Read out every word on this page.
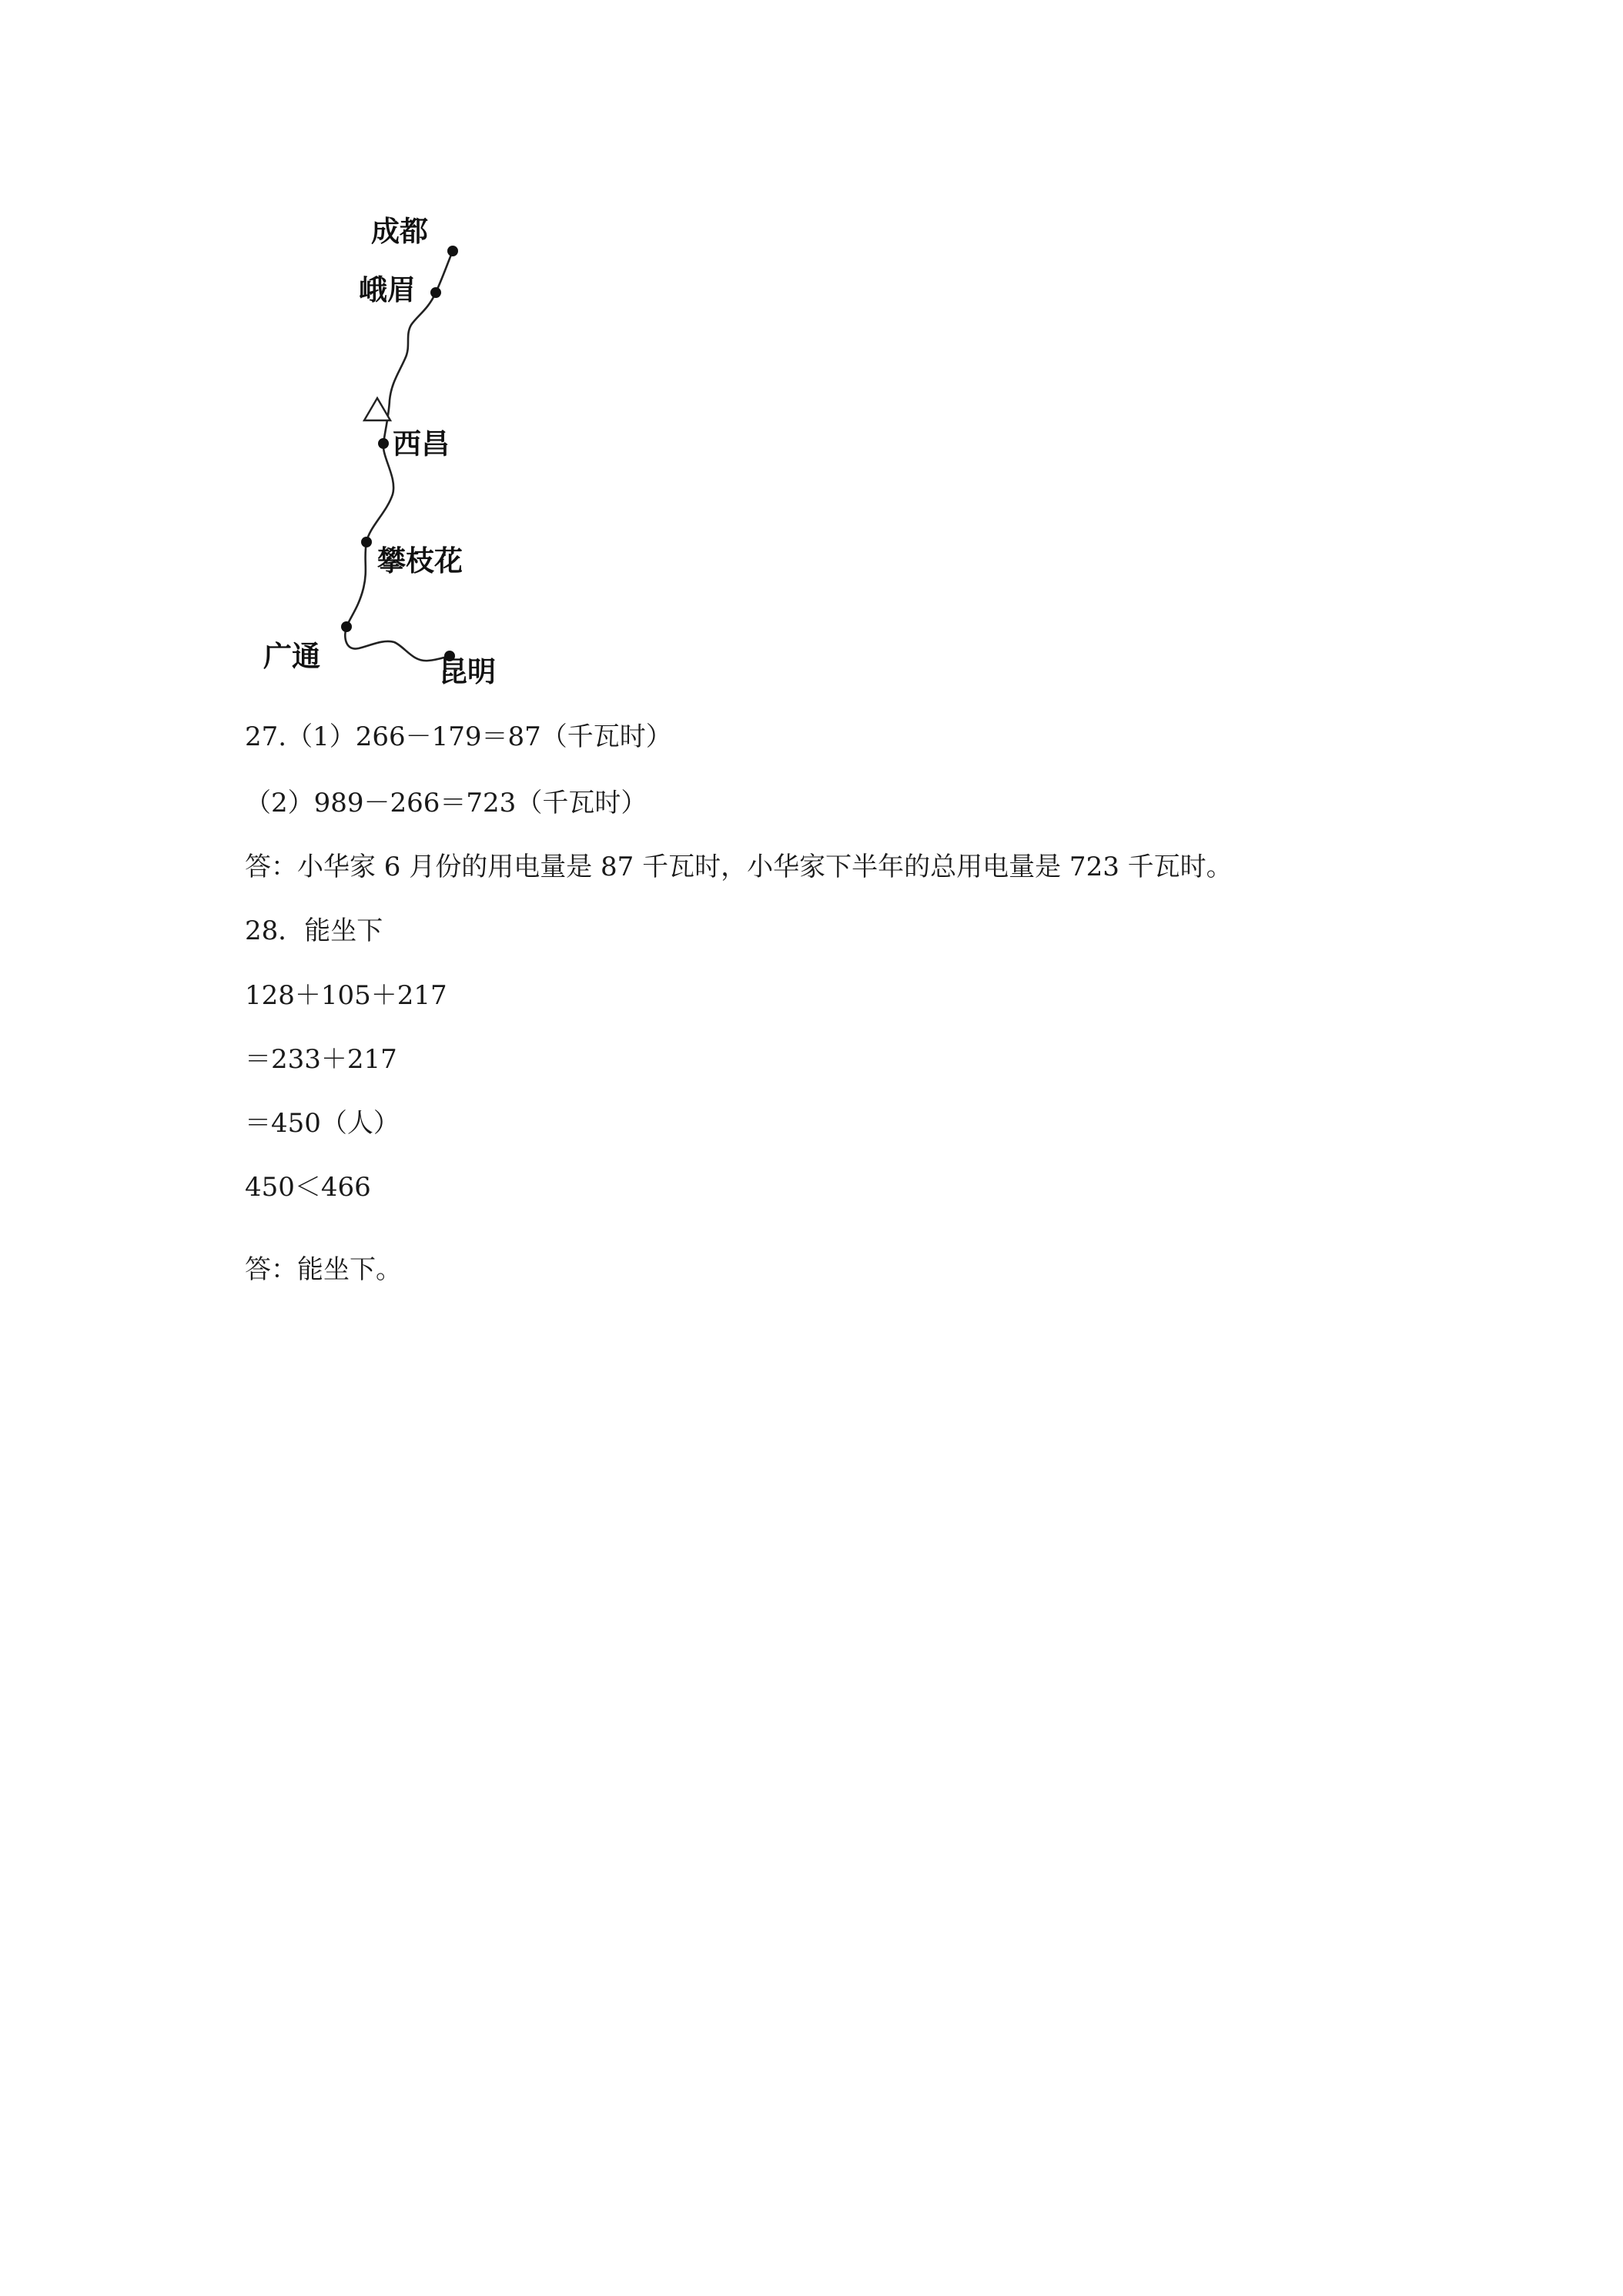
成都
峨眉
西昌
攀枝花
广通	昆明
27.（1）266－179＝87（千瓦时）
（2）989－266＝723（千瓦时）
答：小华家 6 月份的用电量是 87 千瓦时，小华家下半年的总用电量是 723 千瓦时。
28．能坐下
128＋105＋217
＝233＋217
＝450（人）
450＜466
答：能坐下。
